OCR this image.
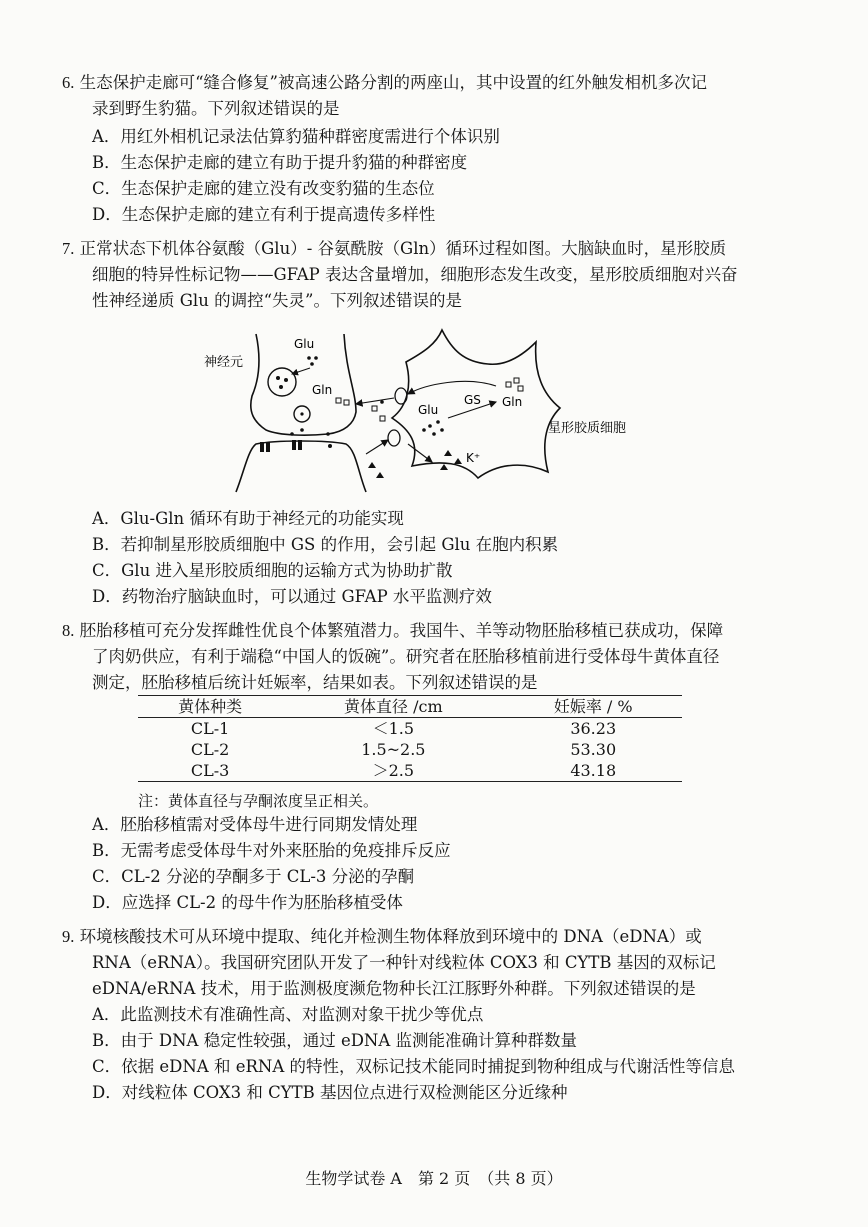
6. 生态保护走廊可“缝合修复”被高速公路分割的两座山，其中设置的红外触发相机多次记
录到野生豹猫。下列叙述错误的是
A．用红外相机记录法估算豹猫种群密度需进行个体识别
B．生态保护走廊的建立有助于提升豹猫的种群密度
C．生态保护走廊的建立没有改变豹猫的生态位
D．生态保护走廊的建立有利于提高遗传多样性
7. 正常状态下机体谷氨酸（Glu）- 谷氨酰胺（Gln）循环过程如图。大脑缺血时，星形胶质
细胞的特异性标记物——GFAP 表达含量增加，细胞形态发生改变，星形胶质细胞对兴奋
性神经递质 Glu 的调控“失灵”。下列叙述错误的是
Glu
Gln
Glu
GS Gln
K⁺
神经元
星形胶质细胞
A．Glu-Gln 循环有助于神经元的功能实现
B．若抑制星形胶质细胞中 GS 的作用，会引起 Glu 在胞内积累
C．Glu 进入星形胶质细胞的运输方式为协助扩散
D．药物治疗脑缺血时，可以通过 GFAP 水平监测疗效
8. 胚胎移植可充分发挥雌性优良个体繁殖潜力。我国牛、羊等动物胚胎移植已获成功，保障
了肉奶供应，有利于端稳“中国人的饭碗”。研究者在胚胎移植前进行受体母牛黄体直径
测定，胚胎移植后统计妊娠率，结果如表。下列叙述错误的是
黄体种类	黄体直径 /cm	妊娠率 / %
CL-1	＜1.5	36.23
CL-2	1.5~2.5	53.30
CL-3	＞2.5	43.18
注：黄体直径与孕酮浓度呈正相关。
A．胚胎移植需对受体母牛进行同期发情处理
B．无需考虑受体母牛对外来胚胎的免疫排斥反应
C．CL-2 分泌的孕酮多于 CL-3 分泌的孕酮
D．应选择 CL-2 的母牛作为胚胎移植受体
9. 环境核酸技术可从环境中提取、纯化并检测生物体释放到环境中的 DNA（eDNA）或
RNA（eRNA）。我国研究团队开发了一种针对线粒体 COX3 和 CYTB 基因的双标记
eDNA/eRNA 技术，用于监测极度濒危物种长江江豚野外种群。下列叙述错误的是
A．此监测技术有准确性高、对监测对象干扰少等优点
B．由于 DNA 稳定性较强，通过 eDNA 监测能准确计算种群数量
C．依据 eDNA 和 eRNA 的特性，双标记技术能同时捕捉到物种组成与代谢活性等信息
D．对线粒体 COX3 和 CYTB 基因位点进行双检测能区分近缘种
生物学试卷 A　第 2 页　（共 8 页）
